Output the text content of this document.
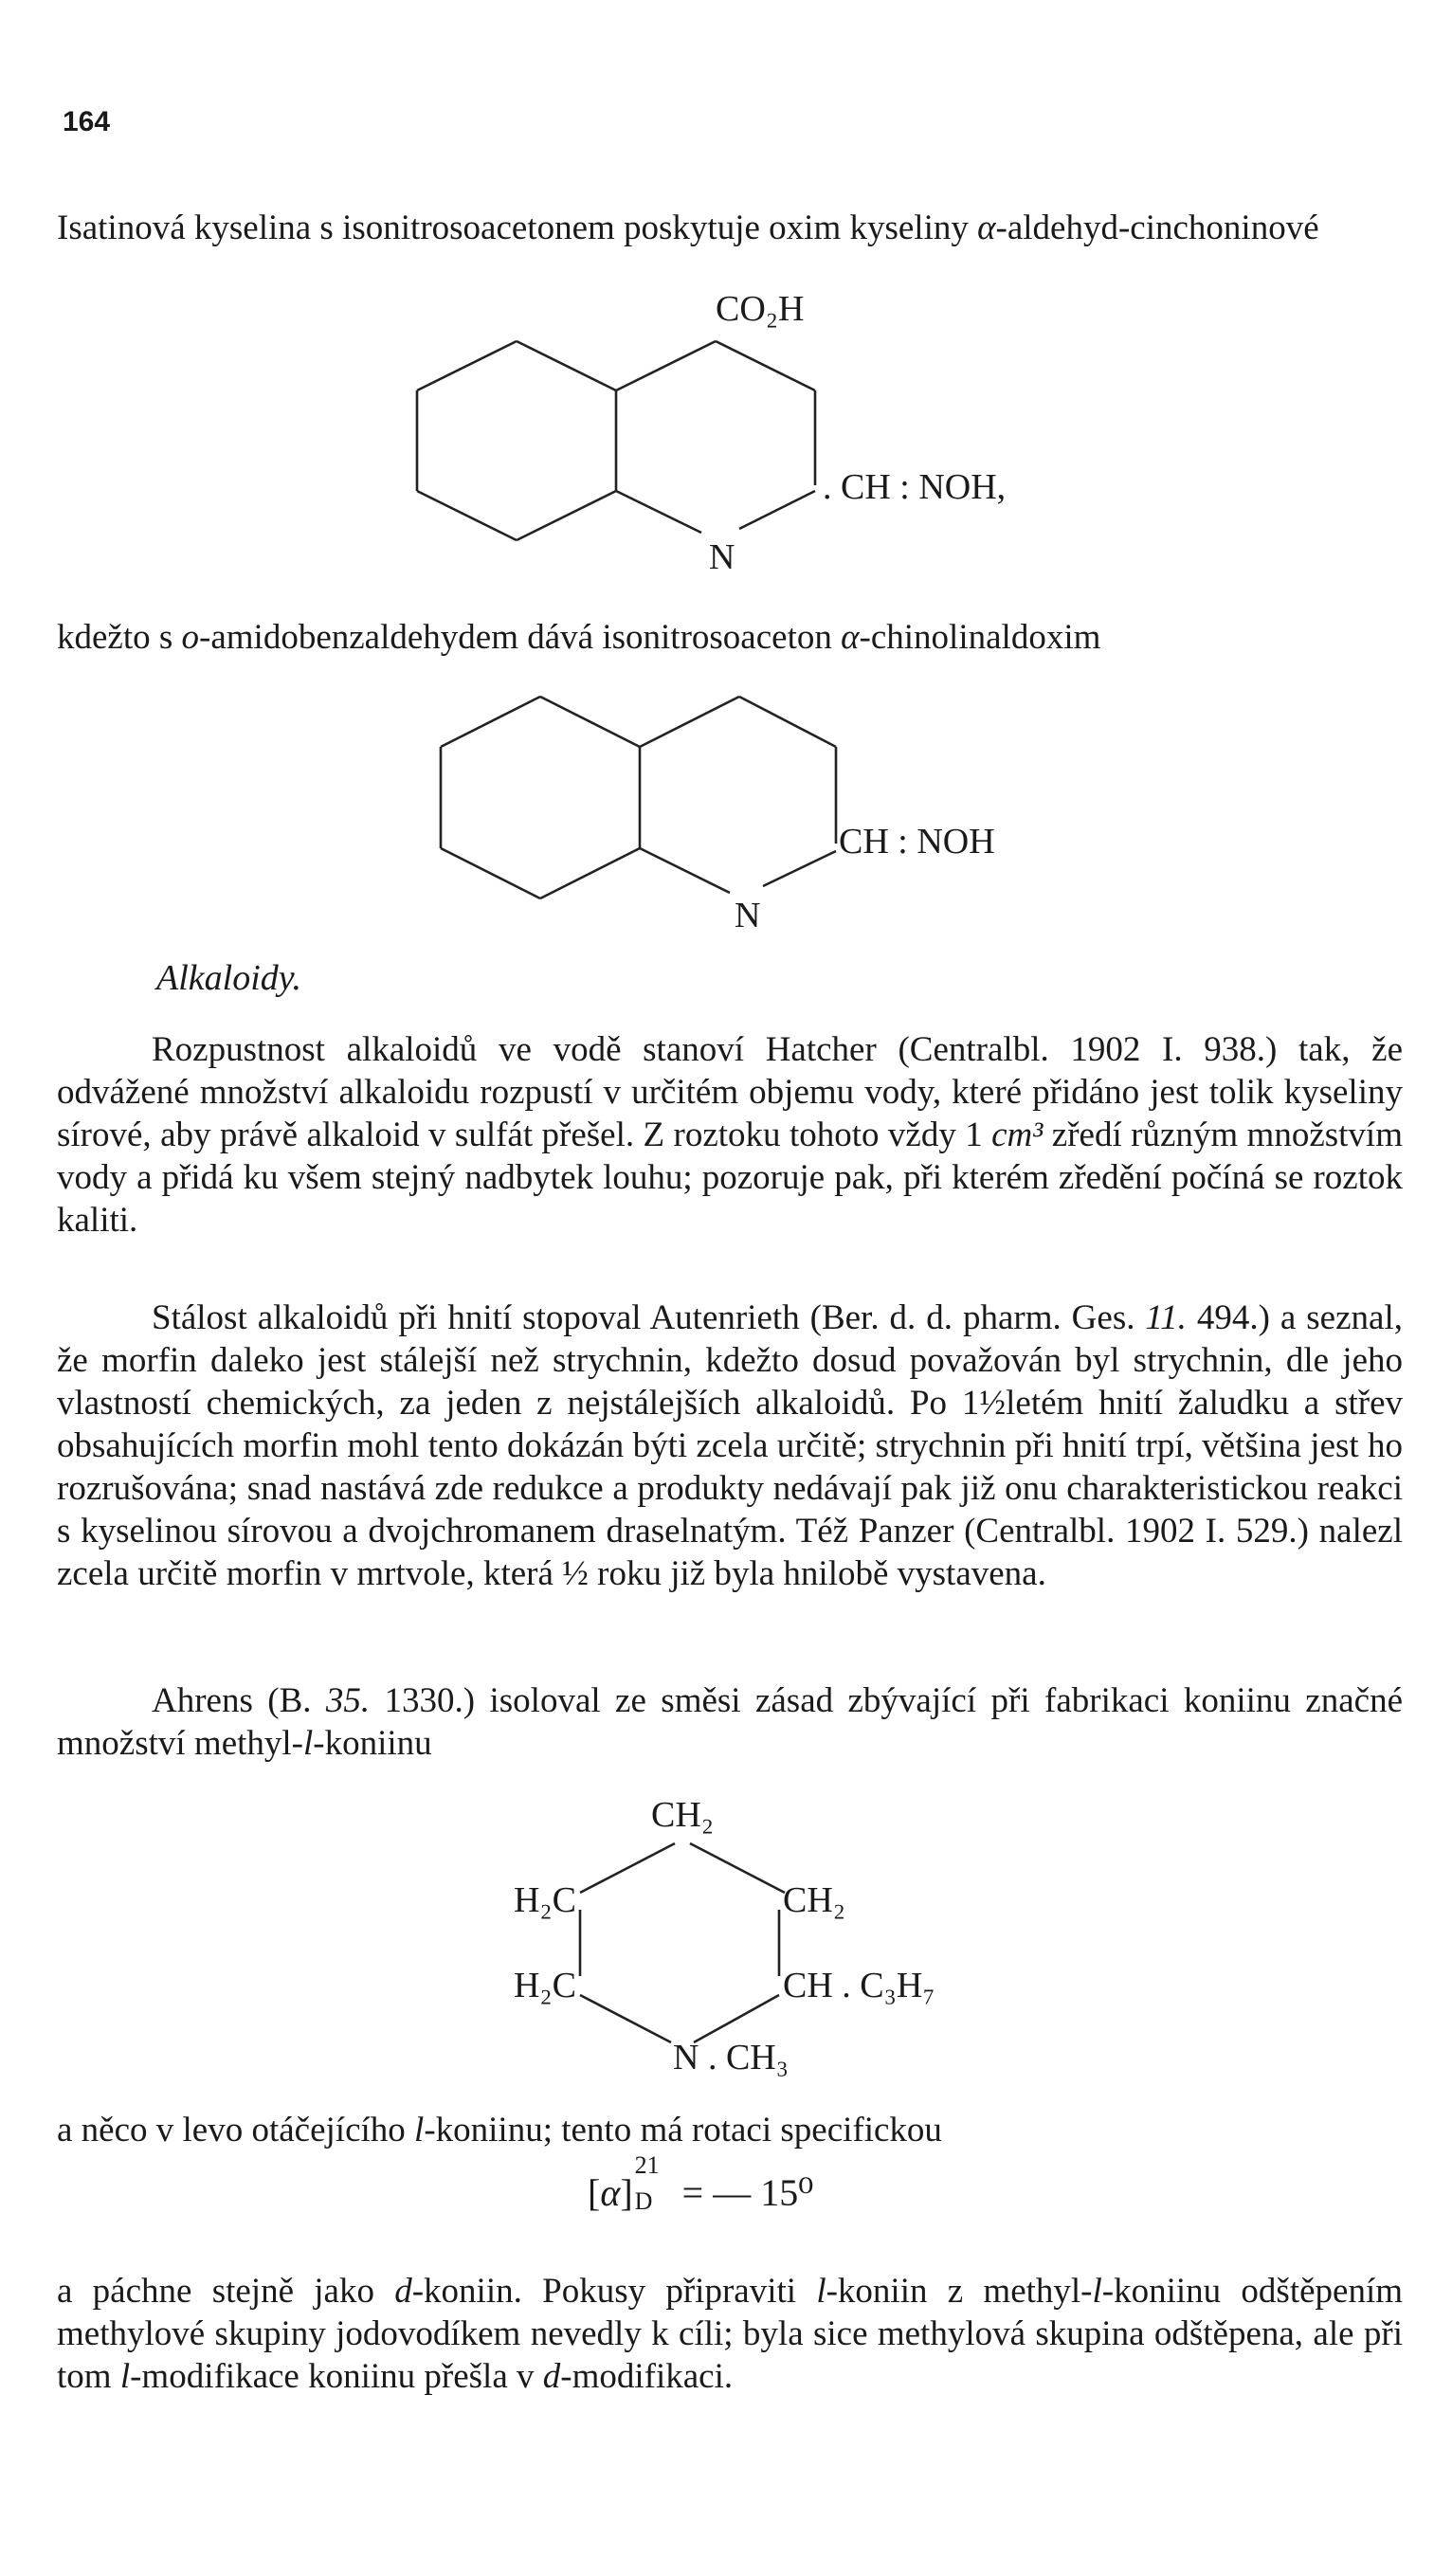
164

Isatinová kyselina s isonitrosoacetonem poskytuje oxim kyseliny α-aldehyd-cinchoninové

CO₂H
. CH : NOH,
N

kdežto s o-amidobenzaldehydem dává isonitrosoaceton α-chinolinaldoxim

CH : NOH
N
Alkaloidy.

Rozpustnost alkaloidů ve vodě stanoví Hatcher (Centralbl. 1902 I. 938.) tak, že odvážené množství alkaloidu rozpustí v určitém objemu vody, které přidáno jest tolik kyseliny sírové, aby právě alkaloid v sulfát přešel. Z roztoku tohoto vždy 1 cm³ zředí různým množstvím vody a přidá ku všem stejný nadbytek louhu; pozoruje pak, při kterém zředění počíná se roztok kaliti.

Stálost alkaloidů při hnití stopoval Autenrieth (Ber. d. d. pharm. Ges. 11. 494.) a seznal, že morfin daleko jest stálejší než strychnin, kdežto dosud považován byl strychnin, dle jeho vlastností chemických, za jeden z nejstálejších alkaloidů. Po 1½letém hnití žaludku a střev obsahujících morfin mohl tento dokázán býti zcela určitě; strychnin při hnití trpí, většina jest ho rozrušována; snad nastává zde redukce a produkty nedávají pak již onu charakteristickou reakci s kyselinou sírovou a dvojchromanem draselnatým. Též Panzer (Centralbl. 1902 I. 529.) nalezl zcela určitě morfin v mrtvole, která ½ roku již byla hnilobě vystavena.

Ahrens (B. 35. 1330.) isoloval ze směsi zásad zbývající při fabrikaci koniinu značné množství methyl-l-koniinu

CH₂
H₂C	CH₂
H₂C	CH . C₃H₇
N . CH₃

a něco v levo otáčejícího l-koniinu; tento má rotaci specifickou

[α]
21
D = — 15⁰

a páchne stejně jako d-koniin. Pokusy připraviti l-koniin z methyl-l-koniinu odštěpením methylové skupiny jodovodíkem nevedly k cíli; byla sice methylová skupina odštěpena, ale při tom l-modifikace koniinu přešla v d-modifikaci.
